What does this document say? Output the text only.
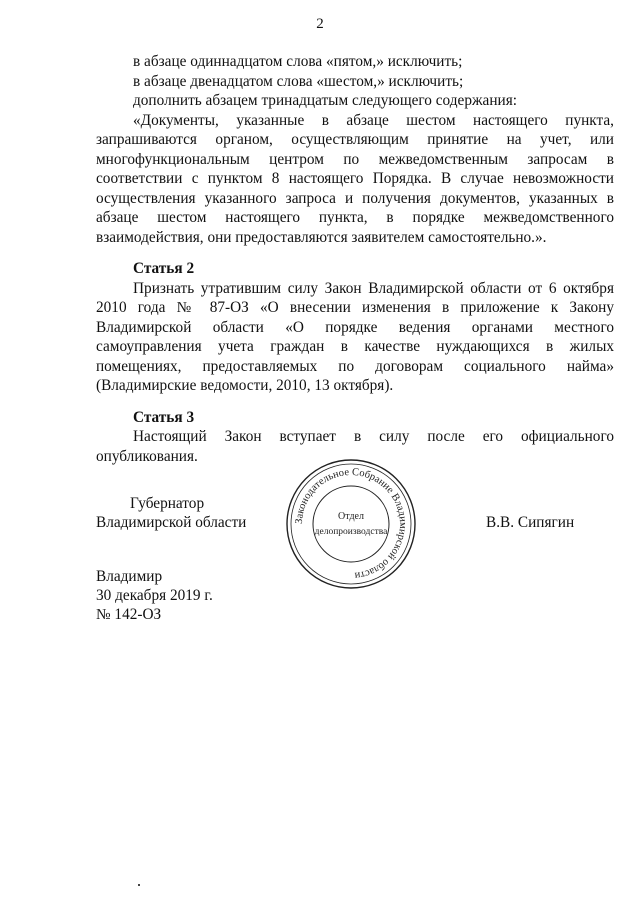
2

в абзаце одиннадцатом слова «пятом,» исключить;

в абзаце двенадцатом слова «шестом,» исключить;

дополнить абзацем тринадцатым следующего содержания:

«Документы, указанные в абзаце шестом настоящего пункта, запрашиваются органом, осуществляющим принятие на учет, или многофункциональным центром по межведомственным запросам в соответствии с пунктом 8 настоящего Порядка. В случае невозможности осуществления указанного запроса и получения документов, указанных в абзаце шестом настоящего пункта, в порядке межведомственного взаимодействия, они предоставляются заявителем самостоятельно.».

Статья 2

Признать утратившим силу Закон Владимирской области от 6 октября 2010 года № 87-ОЗ «О внесении изменения в приложение к Закону Владимирской области «О порядке ведения органами местного самоуправления учета граждан в качестве нуждающихся в жилых помещениях, предоставляемых по договорам социального найма» (Владимирские ведомости, 2010, 13 октября).

Статья 3

Настоящий Закон вступает в силу после его официального опубликования.

Губернатор
Владимирской области	В.В. Сипягин
Законодательное Собрание Владимирской области
Отдел
делопроизводства
Владимир
30 декабря 2019 г.
№ 142-ОЗ
